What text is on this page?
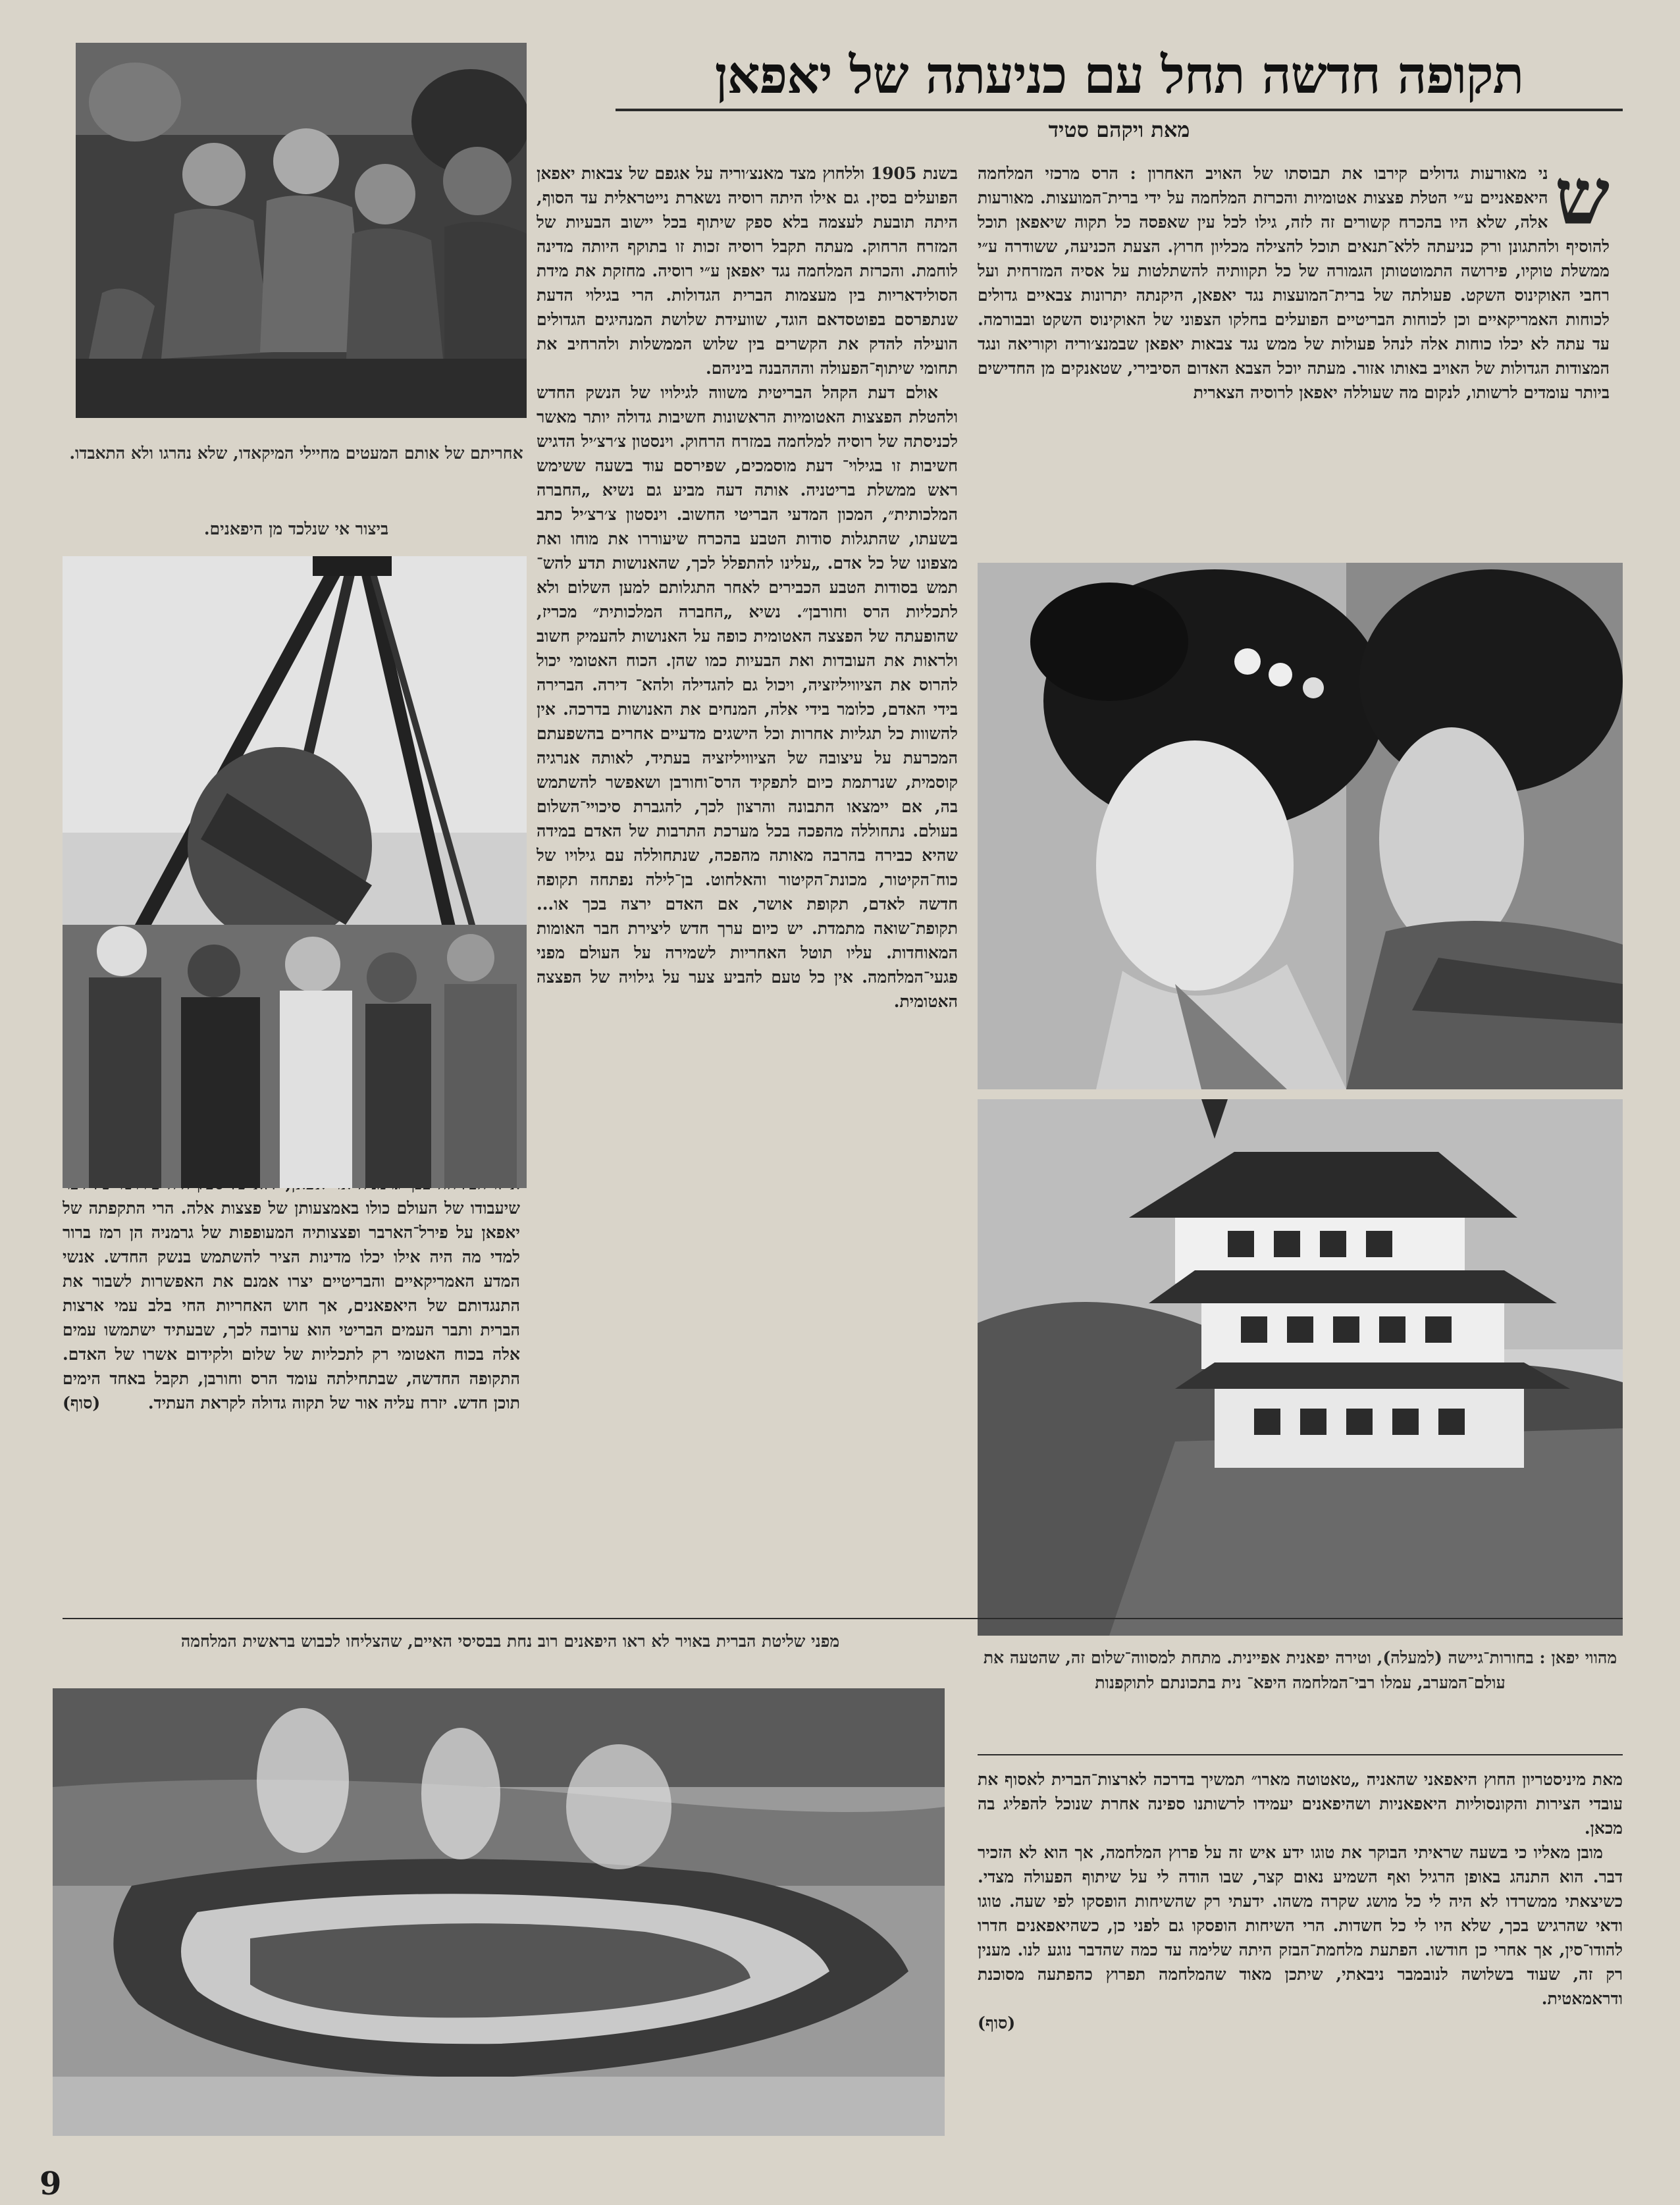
תקופה חדשה תחל עם כניעתה של יאפאן
מאת ויקהם סטיד
ש
ני מאורעות גדולים קירבו את תבוסתו של האויב האחרון : הרס מרכזי המלחמה היאפאניים ע״י הטלת פצצות אטומיות והכרזת המלחמה על ידי ברית־המועצות. מאורעות אלה, שלא היו בהכרח קשורים זה לזה, גילו לכל עין שאפסה כל תקוה שיאפאן תוכל להוסיף ולהתגונן ורק כניעתה ללא־תנאים תוכל להצילה מכליון חרוץ. הצעת הכניעה, ששודרה ע״י ממשלת טוקיו, פירושה התמוטטותן הגמורה של כל תקוותיה להשתלטות על אסיה המזרחית ועל רחבי האוקינוס השקט. פעולתה של ברית־המועצות נגד יאפאן, היקנתה יתרונות צבאיים גדולים לכוחות האמריקאיים וכן לכוחות הבריטיים הפועלים בחלקו הצפוני של האוקינוס השקט ובבורמה. עד עתה לא יכלו כוחות אלה לנהל פעולות של ממש נגד צבאות יאפאן שבמנצ׳וריה וקוריאה ונגד המצודות הגדולות של האויב באותו אזור. מעתה יוכל הצבא האדום הסיבירי, שטאנקים מן החדישים ביותר עומדים לרשותו, לנקום מה שעוללה יאפאן לרוסיה הצארית

בשנת 1905 וללחוץ מצד מאנצ׳וריה על אגפם של צבאות יאפאן הפועלים בסין. גם אילו היתה רוסיה נשארת נייטראלית עד הסוף, היתה תובעת לעצמה בלא ספק שיתוף בכל יישוב הבעיות של המזרח הרחוק. מעתה תקבל רוסיה זכות זו בתוקף היותה מדינה לוחמת. והכרזת המלחמה נגד יאפאן ע״י רוסיה. מחזקת את מידת הסולידאריות בין מעצמות הברית הגדולות. הרי בגילוי הדעת שנתפרסם בפוטסדאם הוגד, שוועידת שלושת המנהיגים הגדולים הועילה להדק את הקשרים בין שלוש הממשלות ולהרחיב את תחומי שיתוף־הפעולה והההבנה ביניהם.

אולם דעת הקהל הבריטית משווה לגילויו של הנשק החדש ולהטלת הפצצות האטומיות הראשונות חשיבות גדולה יותר מאשר לכניסתה של רוסיה למלחמה במזרח הרחוק. וינסטון צ׳רצ׳יל הדגיש חשיבות זו בגילוי־ דעת מוסמכים, שפירסם עוד בשעה ששימש ראש ממשלת בריטניה. אותה דעה מביע גם נשיא „החברה המלכותית״, המכון המדעי הבריטי החשוב. וינסטון צ׳רצ׳יל כתב בשעתו, שהתגלות סודות הטבע בהכרח שיעוררו את מוחו ואת מצפונו של כל אדם. „עלינו להתפלל לכך, שהאנושות תדע להש־ תמש בסודות הטבע הכבירים לאחר התגלותם למען השלום ולא לתכליות הרס וחורבן״. נשיא „החברה המלכותית״ מכריז, שהופעתה של הפצצה האטומית כופה על האנושות להעמיק חשוב ולראות את העובדות ואת הבעיות כמו שהן. הכוח האטומי יכול להרוס את הציוויליזציה, ויכול גם להגדילה ולהא־ דירה. הברירה בידי האדם, כלומר בידי אלה, המנחים את האנושות בדרכה. אין להשוות כל תגליות אחרות וכל הישגים מדעיים אחרים בהשפעתם המכרעת על עיצובה של הציוויליזציה בעתיד, לאותה אנרגיה קוסמית, שנרתמת כיום לתפקיד הרס־וחורבן ושאפשר להשתמש בה, אם יימצאו התבונה והרצון לכך, להגברת סיכויי־השלום בעולם. נתחוללה מהפכה בכל מערכת התרבות של האדם במידה שהיא כבירה בהרבה מאותה מהפכה, שנתחוללה עם גילויו של כוח־הקיטור, מכונת־הקיטור והאלחוט. בן־לילה נפתחה תקופה חדשה לאדם, תקופת אושר, אם האדם ירצה בכך או... תקופת־שואה מתמדת. יש כיום ערך חדש ליצירת חבר האומות המאוחדות. עליו תוטל האחריות לשמירה על העולם מפני פגעי־המלחמה. אין כל טעם להביע צער על גילויה של הפצצה האטומית.

שיעבודו של העולם כולו באמצעותן של פצצות אלה. הרי התקפתה של יאפאן על פירל־הארבר ופצצותיה המעופפות של גרמניה הן רמז ברור למדי מה היה אילו יכלו מדינות הציר להשתמש בנשק החדש. אנשי המדע האמריקאיים והבריטיים יצרו אמנם את האפשרות לשבור את התנגדותם של היאפאנים, אך חוש האחריות החי בלב עמי ארצות הברית ותבר העמים הבריטי הוא ערובה לכך, שבעתיד ישתמשו עמים אלה בכוח האטומי רק לתכליות של שלום ולקידום אשרו של האדם. התקופה החדשה, שבתחילתה עומד הרס וחורבן, תקבל באחד הימים תוכן חדש. יזרח עליה אור של תקוה גדולה לקראת העתיד.
(סוף)
אחריתם של אותם המעטים מחיילי המיקאדו, שלא נהרגו ולא התאבדו.
ביצור אי שנלכד מן היפאנים.
מהווי יפאן : בחורות־גיישה (למעלה), וטירה יפאנית אפיינית. מתחת למסווה־שלום זה, שהטעה את עולם־המערב, עמלו רבי־המלחמה היפא־ נית בתכונתם לתוקפנות
מפני שליטת הברית באויר לא ראו היפאנים רוב נחת בבסיסי האיים, שהצליחו לכבוש בראשית המלחמה

מאת מיניסטריון החוץ היאפאני שהאניה „טאטוטה מארו״ תמשיך בדרכה לארצות־הברית לאסוף את עובדי הצירות והקונסוליות היאפאניות ושהיפאנים יעמידו לרשותנו ספינה אחרת שנוכל להפליג בה מכאן.

מובן מאליו כי בשעה שראיתי הבוקר את טוגו ידע איש זה על פרוץ המלחמה, אך הוא לא הזכיר דבר. הוא התנהג באופן הרגיל ואף השמיע נאום קצר, שבו הודה לי על שיתוף הפעולה מצדי. כשיצאתי ממשרדו לא היה לי כל מושג שקרה משהו. ידעתי רק שהשיחות הופסקו לפי שעה. טוגו ודאי שהרגיש בכך, שלא היו לי כל חשדות. הרי השיחות הופסקו גם לפני כן, כשהיאפאנים חדרו להודו־סין, אך אחרי כן חודשו. הפתעת מלחמת־הבזק היתה שלימה עד כמה שהדבר נוגע לנו. מענין רק זה, שעוד בשלושה לנובמבר ניבאתי, שיתכן מאוד שהמלחמה תפרוץ כהפתעה מסוכנת ודראמאטית.

(סוף)

9
